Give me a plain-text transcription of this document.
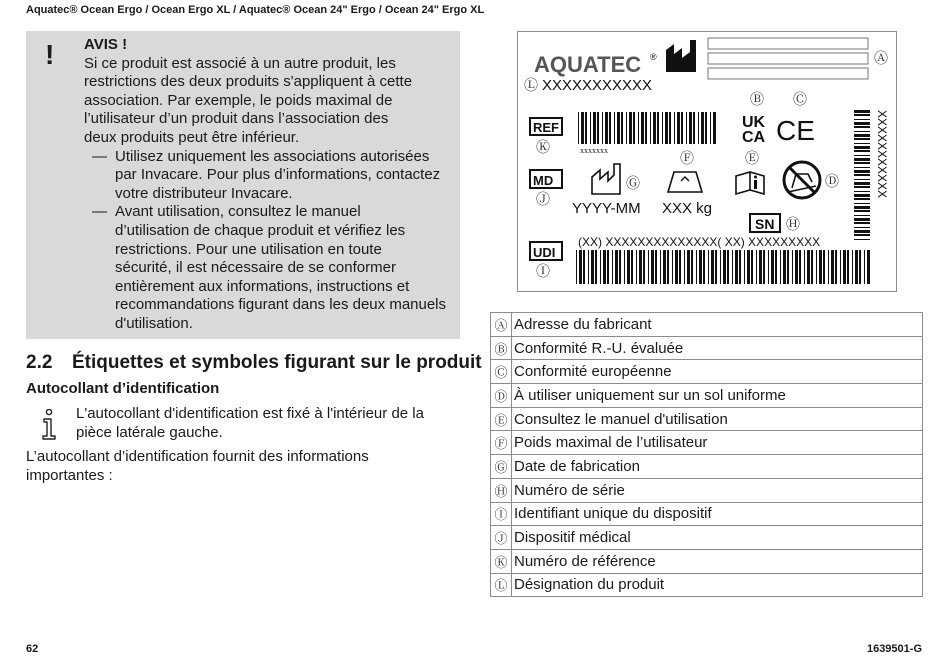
Aquatec® Ocean Ergo / Ocean Ergo XL / Aquatec® Ocean 24" Ergo / Ocean 24" Ergo XL
! AVIS !
Si ce produit est associé à un autre produit, les
restrictions des deux produits s'appliquent à cette
association. Par exemple, le poids maximal de
l’utilisateur d’un produit dans l’association des
deux produits peut être inférieur.
— Utilisez uniquement les associations autorisées
par Invacare. Pour plus d’informations, contactez
votre distributeur Invacare.
— Avant utilisation, consultez le manuel
d’utilisation de chaque produit et vérifiez les
restrictions. Pour une utilisation en toute
sécurité, il est nécessaire de se conformer
entièrement aux informations, instructions et
recommandations figurant dans les deux manuels
d'utilisation.
2.2 Étiquettes et symboles figurant sur le produit
Autocollant d’identification
L'autocollant d'identification est fixé à l'intérieur de la
pièce latérale gauche.
L’autocollant d’identification fournit des informations
importantes :
AQUATEC ®	Ⓐ
Ⓛ XXXXXXXXXXX
Ⓑ Ⓒ
REF
Ⓚ	xxxxxxx
UK
CA CE
Ⓕ	Ⓔ
MD
Ⓙ
Ⓖ
YYYY-MM XXX kg
Ⓓ
SN Ⓗ
XXXXXXXXXXX
(XX) XXXXXXXXXXXXXX( XX) XXXXXXXXX
UDI
Ⓘ
Ⓐ	Adresse du fabricant
Ⓑ	Conformité R.-U. évaluée
Ⓒ	Conformité européenne
Ⓓ	À utiliser uniquement sur un sol uniforme
Ⓔ	Consultez le manuel d'utilisation
Ⓕ	Poids maximal de l’utilisateur
Ⓖ	Date de fabrication
Ⓗ	Numéro de série
Ⓘ	Identifiant unique du dispositif
Ⓙ	Dispositif médical
Ⓚ	Numéro de référence
Ⓛ	Désignation du produit
62	1639501-G
